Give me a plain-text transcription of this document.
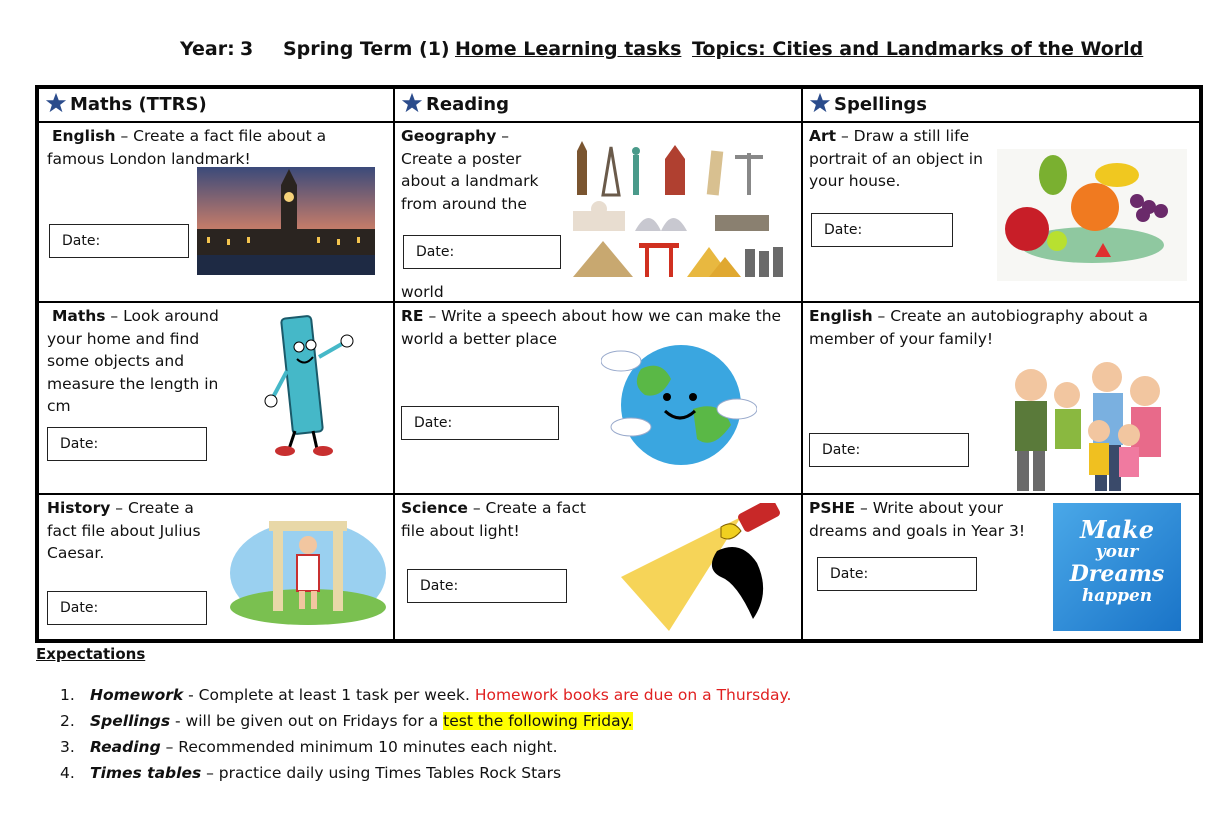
Year: 3 Spring Term (1) Home Learning tasks Topics: Cities and Landmarks of the World
Maths (TTRS)	Reading	Spellings
English – Create a fact file about a famous London landmark!
Date:
Geography –
Create a poster about a landmark from around the
Date:
world
Art – Draw a still life portrait of an object in your house.
Date:
Maths – Look around your home and find some objects and measure the length in cm
Date:
RE – Write a speech about how we can make the world a better place
Date:
English – Create an autobiography about a member of your family!
Date:
History – Create a fact file about Julius Caesar.
Date:
Science – Create a fact file about light!
Date:
PSHE – Write about your dreams and goals in Year 3!
Date:
Make
your
Dreams
happen
Expectations
1. Homework - Complete at least 1 task per week. Homework books are due on a Thursday.
2. Spellings - will be given out on Fridays for a test the following Friday.
3. Reading – Recommended minimum 10 minutes each night.
4. Times tables – practice daily using Times Tables Rock Stars
